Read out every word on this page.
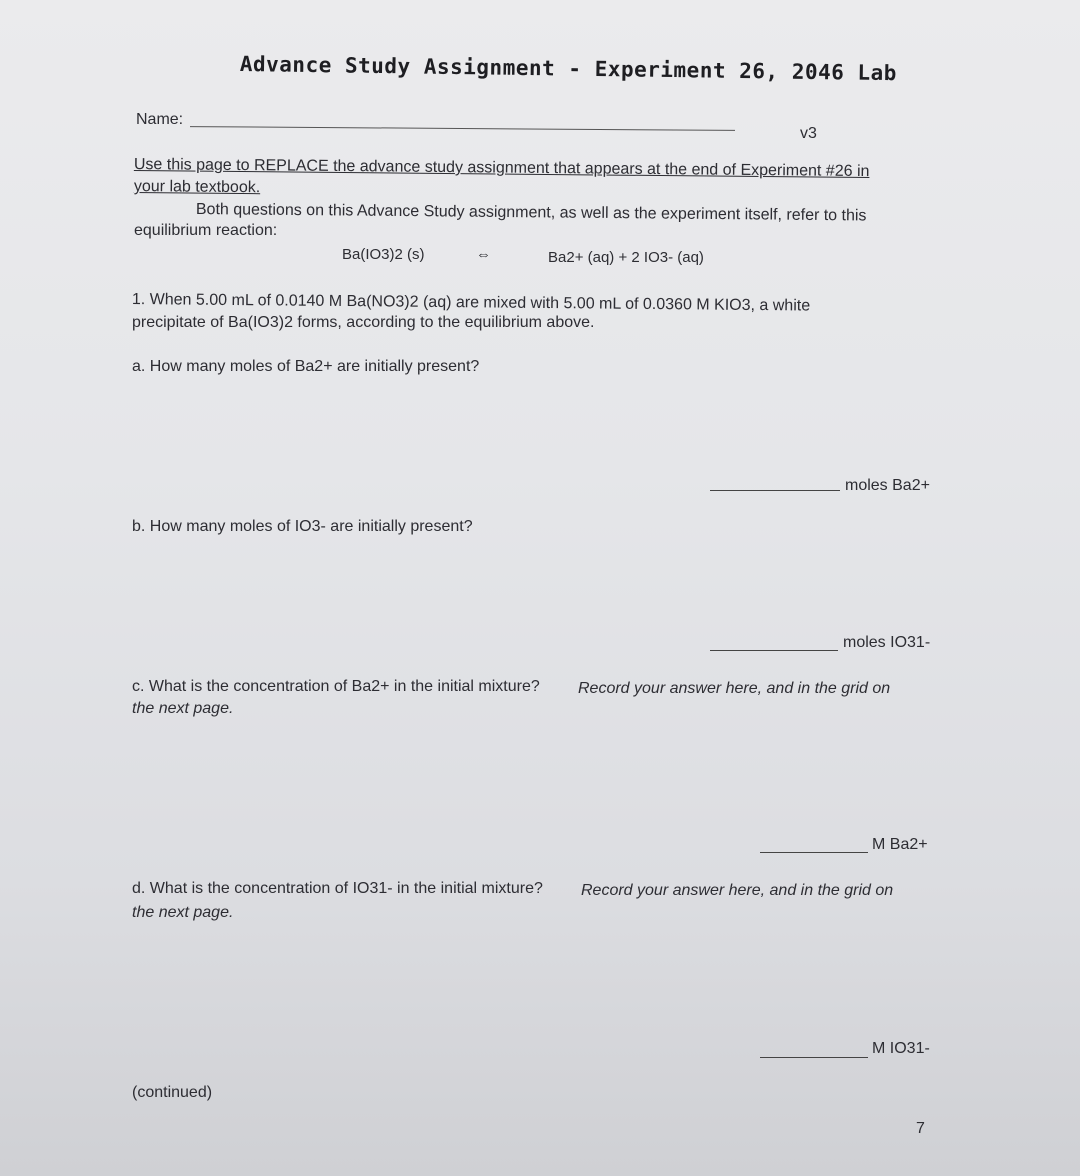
Advance Study Assignment - Experiment 26, 2046 Lab
Name:
v3
Use this page to REPLACE the advance study assignment that appears at the end of Experiment #26 in
your lab textbook.
Both questions on this Advance Study assignment, as well as the experiment itself, refer to this
equilibrium reaction:
Ba(IO3)2 (s)	⇔	Ba2+ (aq) + 2 IO3- (aq)
1. When 5.00 mL of 0.0140 M Ba(NO3)2 (aq) are mixed with 5.00 mL of 0.0360 M KIO3, a white
precipitate of Ba(IO3)2 forms, according to the equilibrium above.
a. How many moles of Ba2+ are initially present?
moles Ba2+
b. How many moles of IO3- are initially present?
moles IO31-
c. What is the concentration of Ba2+ in the initial mixture? Record your answer here, and in the grid on
the next page.
M Ba2+
d. What is the concentration of IO31- in the initial mixture? Record your answer here, and in the grid on
the next page.
M IO31-
(continued)
7
